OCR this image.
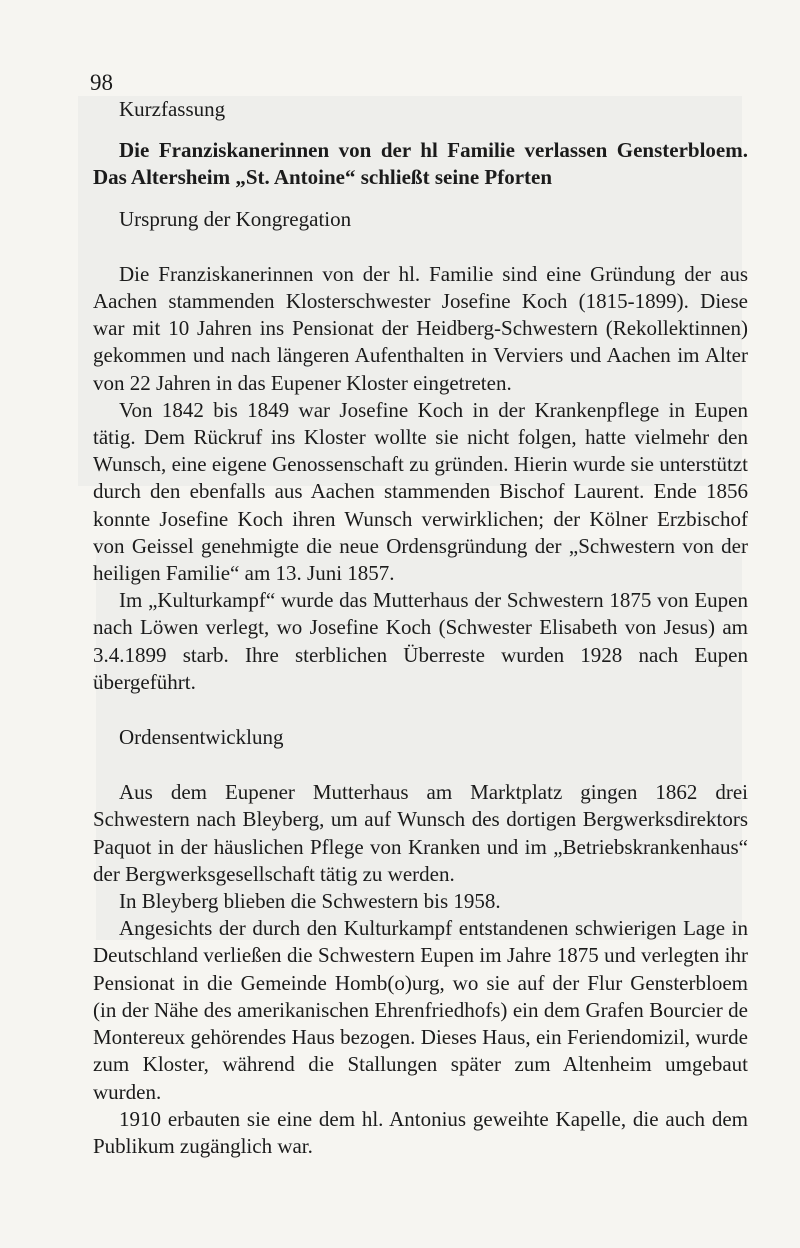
98

Kurzfassung

Die Franziskanerinnen von der hl Familie verlassen Gensterbloem. Das Altersheim „St. Antoine“ schließt seine Pforten

Ursprung der Kongregation

Die Franziskanerinnen von der hl. Familie sind eine Gründung der aus Aachen stammenden Klosterschwester Josefine Koch (1815-1899). Diese war mit 10 Jahren ins Pensionat der Heidberg-Schwestern (Rekollektinnen) gekommen und nach längeren Aufenthalten in Verviers und Aachen im Alter von 22 Jahren in das Eupener Kloster eingetreten.

Von 1842 bis 1849 war Josefine Koch in der Krankenpflege in Eupen tätig. Dem Rückruf ins Kloster wollte sie nicht folgen, hatte vielmehr den Wunsch, eine eigene Genossenschaft zu gründen. Hierin wurde sie unterstützt durch den ebenfalls aus Aachen stammenden Bischof Laurent. Ende 1856 konnte Josefine Koch ihren Wunsch verwirklichen; der Kölner Erzbischof von Geissel genehmigte die neue Ordensgründung der „Schwestern von der heiligen Familie“ am 13. Juni 1857.

Im „Kulturkampf“ wurde das Mutterhaus der Schwestern 1875 von Eupen nach Löwen verlegt, wo Josefine Koch (Schwester Elisabeth von Jesus) am 3.4.1899 starb. Ihre sterblichen Überreste wurden 1928 nach Eupen übergeführt.

Ordensentwicklung

Aus dem Eupener Mutterhaus am Marktplatz gingen 1862 drei Schwestern nach Bleyberg, um auf Wunsch des dortigen Bergwerksdirektors Paquot in der häuslichen Pflege von Kranken und im „Betriebskrankenhaus“ der Bergwerksgesellschaft tätig zu werden.

In Bleyberg blieben die Schwestern bis 1958.

Angesichts der durch den Kulturkampf entstandenen schwierigen Lage in Deutschland verließen die Schwestern Eupen im Jahre 1875 und verlegten ihr Pensionat in die Gemeinde Homb(o)urg, wo sie auf der Flur Gensterbloem (in der Nähe des amerikanischen Ehrenfriedhofs) ein dem Grafen Bourcier de Montereux gehörendes Haus bezogen. Dieses Haus, ein Feriendomizil, wurde zum Kloster, während die Stallungen später zum Altenheim umgebaut wurden.

1910 erbauten sie eine dem hl. Antonius geweihte Kapelle, die auch dem Publikum zugänglich war.
